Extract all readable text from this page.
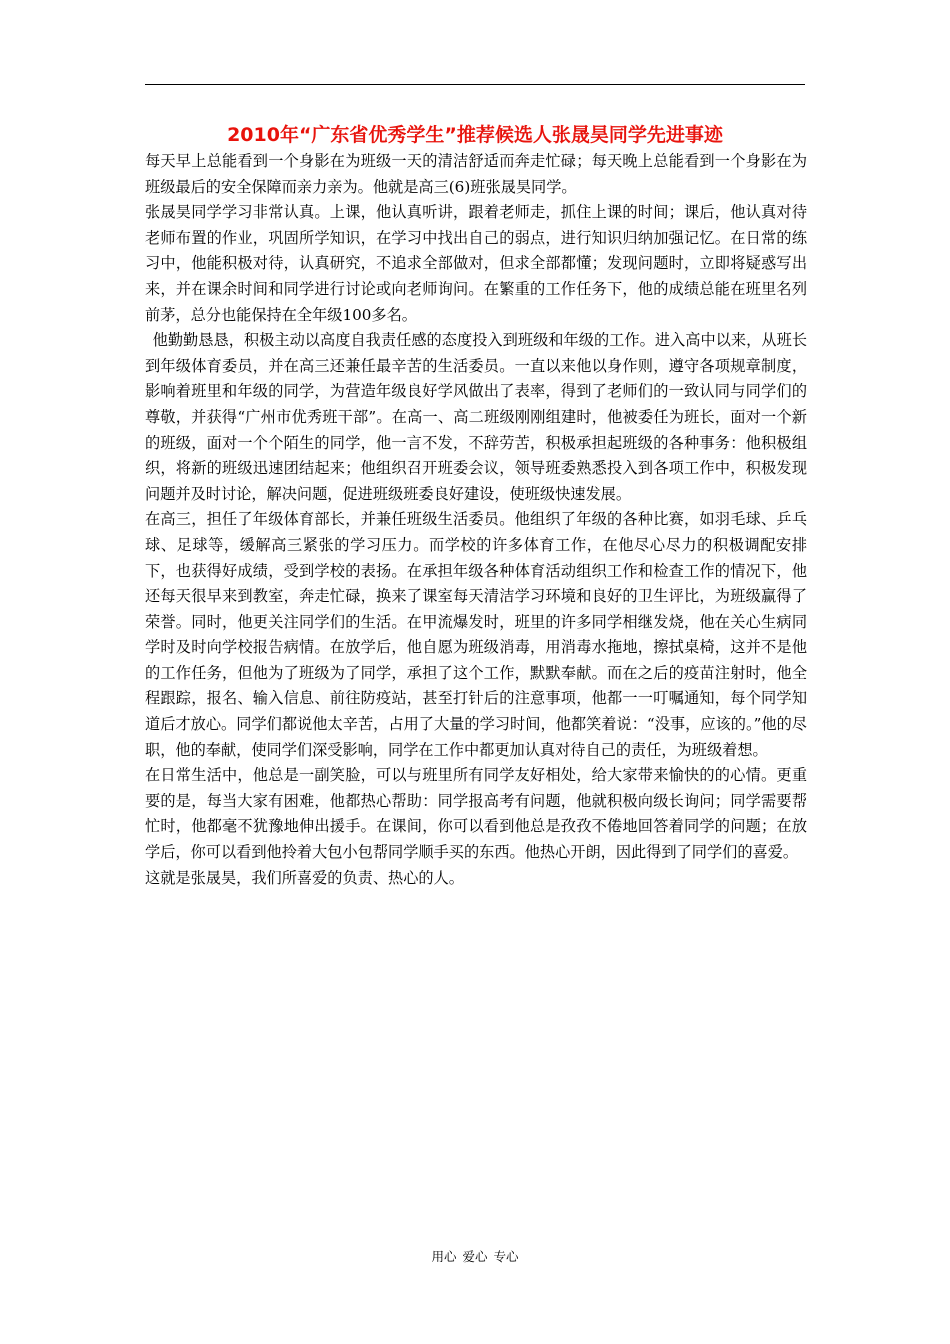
2010年“广东省优秀学生”推荐候选人张晟昊同学先进事迹

每天早上总能看到一个身影在为班级一天的清洁舒适而奔走忙碌；每天晚上总能看到一个身影在为班级最后的安全保障而亲力亲为。他就是高三(6)班张晟昊同学。

张晟昊同学学习非常认真。上课，他认真听讲，跟着老师走，抓住上课的时间；课后，他认真对待老师布置的作业，巩固所学知识，在学习中找出自己的弱点，进行知识归纳加强记忆。在日常的练习中，他能积极对待，认真研究，不追求全部做对，但求全部都懂；发现问题时，立即将疑惑写出来，并在课余时间和同学进行讨论或向老师询问。在繁重的工作任务下，他的成绩总能在班里名列前茅，总分也能保持在全年级100多名。

他勤勤恳恳，积极主动以高度自我责任感的态度投入到班级和年级的工作。进入高中以来，从班长到年级体育委员，并在高三还兼任最辛苦的生活委员。一直以来他以身作则，遵守各项规章制度，影响着班里和年级的同学，为营造年级良好学风做出了表率，得到了老师们的一致认同与同学们的尊敬，并获得“广州市优秀班干部”。在高一、高二班级刚刚组建时，他被委任为班长，面对一个新的班级，面对一个个陌生的同学，他一言不发，不辞劳苦，积极承担起班级的各种事务：他积极组织，将新的班级迅速团结起来；他组织召开班委会议，领导班委熟悉投入到各项工作中，积极发现问题并及时讨论，解决问题，促进班级班委良好建设，使班级快速发展。

在高三，担任了年级体育部长，并兼任班级生活委员。他组织了年级的各种比赛，如羽毛球、乒乓球、足球等，缓解高三紧张的学习压力。而学校的许多体育工作，在他尽心尽力的积极调配安排下，也获得好成绩，受到学校的表扬。在承担年级各种体育活动组织工作和检查工作的情况下，他还每天很早来到教室，奔走忙碌，换来了课室每天清洁学习环境和良好的卫生评比，为班级赢得了荣誉。同时，他更关注同学们的生活。在甲流爆发时，班里的许多同学相继发烧，他在关心生病同学时及时向学校报告病情。在放学后，他自愿为班级消毒，用消毒水拖地，擦拭桌椅，这并不是他的工作任务，但他为了班级为了同学，承担了这个工作，默默奉献。而在之后的疫苗注射时，他全程跟踪，报名、输入信息、前往防疫站，甚至打针后的注意事项，他都一一叮嘱通知，每个同学知道后才放心。同学们都说他太辛苦，占用了大量的学习时间，他都笑着说：“没事，应该的。”他的尽职，他的奉献，使同学们深受影响，同学在工作中都更加认真对待自己的责任，为班级着想。

在日常生活中，他总是一副笑脸，可以与班里所有同学友好相处，给大家带来愉快的的心情。更重要的是，每当大家有困难，他都热心帮助：同学报高考有问题，他就积极向级长询问；同学需要帮忙时，他都毫不犹豫地伸出援手。在课间，你可以看到他总是孜孜不倦地回答着同学的问题；在放学后，你可以看到他拎着大包小包帮同学顺手买的东西。他热心开朗，因此得到了同学们的喜爱。

这就是张晟昊，我们所喜爱的负责、热心的人。

用心 爱心 专心
